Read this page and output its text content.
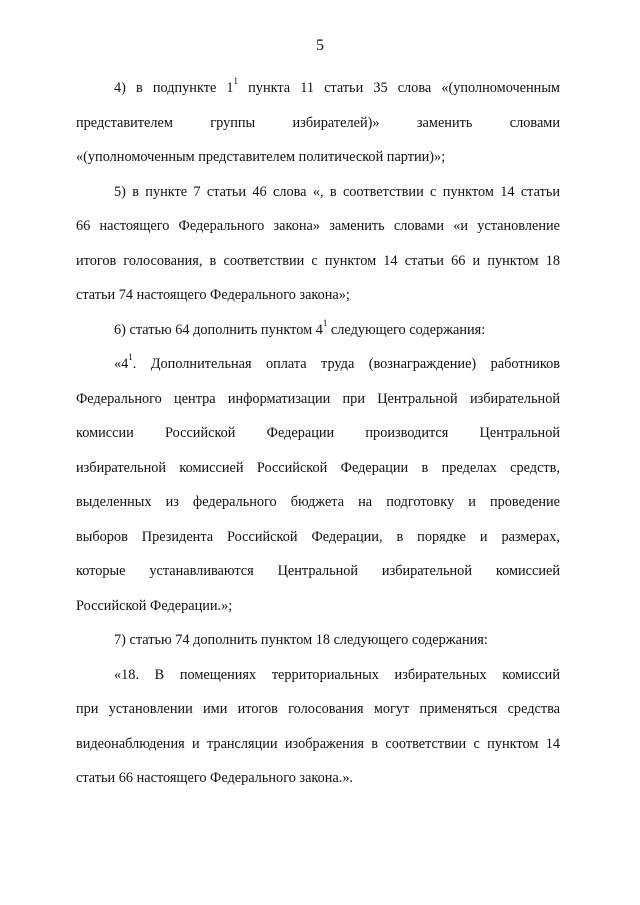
5
4) в подпункте $1^1$ пункта 11 статьи 35 слова «(уполномоченным
представителем группы избирателей)» заменить словами
«(уполномоченным представителем политической партии)»;
5) в пункте 7 статьи 46 слова «, в соответствии с пунктом 14 статьи
66 настоящего Федерального закона» заменить словами «и установление
итогов голосования, в соответствии с пунктом 14 статьи 66 и пунктом 18
статьи 74 настоящего Федерального закона»;
6) статью 64 дополнить пунктом $4^1$ следующего содержания:
«$4^1$. Дополнительная оплата труда (вознаграждение) работников
Федерального центра информатизации при Центральной избирательной
комиссии Российской Федерации производится Центральной
избирательной комиссией Российской Федерации в пределах средств,
выделенных из федерального бюджета на подготовку и проведение
выборов Президента Российской Федерации, в порядке и размерах,
которые устанавливаются Центральной избирательной комиссией
Российской Федерации.»;
7) статью 74 дополнить пунктом 18 следующего содержания:
«18. В помещениях территориальных избирательных комиссий
при установлении ими итогов голосования могут применяться средства
видеонаблюдения и трансляции изображения в соответствии с пунктом 14
статьи 66 настоящего Федерального закона.».
